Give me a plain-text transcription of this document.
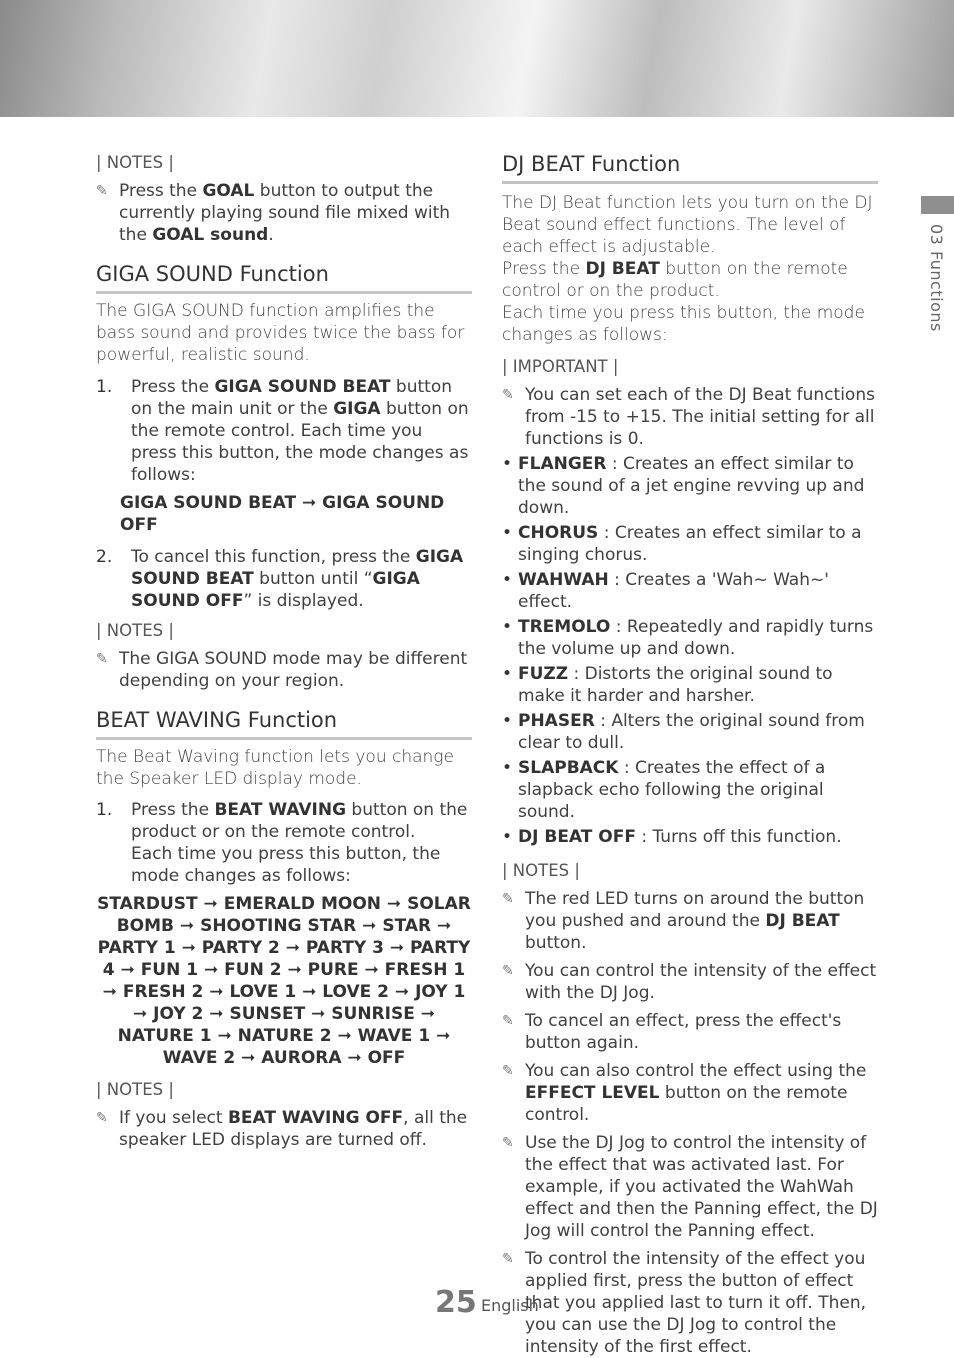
| NOTES |
✎ Press the GOAL button to output the currently playing sound file mixed with the GOAL sound.
GIGA SOUND Function

The GIGA SOUND function amplifies the bass sound and provides twice the bass for powerful, realistic sound.

1. Press the GIGA SOUND BEAT button on the main unit or the GIGA button on the remote control. Each time you press this button, the mode changes as follows:
GIGA SOUND BEAT ➞ GIGA SOUND OFF
2. To cancel this function, press the GIGA SOUND BEAT button until “GIGA SOUND OFF” is displayed.
| NOTES |
✎ The GIGA SOUND mode may be different depending on your region.
BEAT WAVING Function

The Beat Waving function lets you change the Speaker LED display mode.

1. Press the BEAT WAVING button on the product or on the remote control.
Each time you press this button, the mode changes as follows:
STARDUST ➞ EMERALD MOON ➞ SOLAR BOMB ➞ SHOOTING STAR ➞ STAR ➞ PARTY 1 ➞ PARTY 2 ➞ PARTY 3 ➞ PARTY 4 ➞ FUN 1 ➞ FUN 2 ➞ PURE ➞ FRESH 1 ➞ FRESH 2 ➞ LOVE 1 ➞ LOVE 2 ➞ JOY 1 ➞ JOY 2 ➞ SUNSET ➞ SUNRISE ➞ NATURE 1 ➞ NATURE 2 ➞ WAVE 1 ➞ WAVE 2 ➞ AURORA ➞ OFF
| NOTES |
✎ If you select BEAT WAVING OFF, all the speaker LED displays are turned off.
DJ BEAT Function

The DJ Beat function lets you turn on the DJ Beat sound effect functions. The level of each effect is adjustable.

Press the DJ BEAT button on the remote control or on the product.

Each time you press this button, the mode changes as follows:

| IMPORTANT |
✎ You can set each of the DJ Beat functions from -15 to +15. The initial setting for all functions is 0.
• FLANGER : Creates an effect similar to the sound of a jet engine revving up and down.
• CHORUS : Creates an effect similar to a singing chorus.
• WAHWAH : Creates a 'Wah~ Wah~' effect.
• TREMOLO : Repeatedly and rapidly turns the volume up and down.
• FUZZ : Distorts the original sound to make it harder and harsher.
• PHASER : Alters the original sound from clear to dull.
• SLAPBACK : Creates the effect of a slapback echo following the original sound.
• DJ BEAT OFF : Turns off this function.
| NOTES |
✎ The red LED turns on around the button you pushed and around the DJ BEAT button.
✎ You can control the intensity of the effect with the DJ Jog.
✎ To cancel an effect, press the effect's button again.
✎ You can also control the effect using the EFFECT LEVEL button on the remote control.
✎ Use the DJ Jog to control the intensity of the effect that was activated last. For example, if you activated the WahWah effect and then the Panning effect, the DJ Jog will control the Panning effect.
✎ To control the intensity of the effect you applied first, press the button of effect that you applied last to turn it off. Then, you can use the DJ Jog to control the intensity of the first effect.
03 Functions
25 English
